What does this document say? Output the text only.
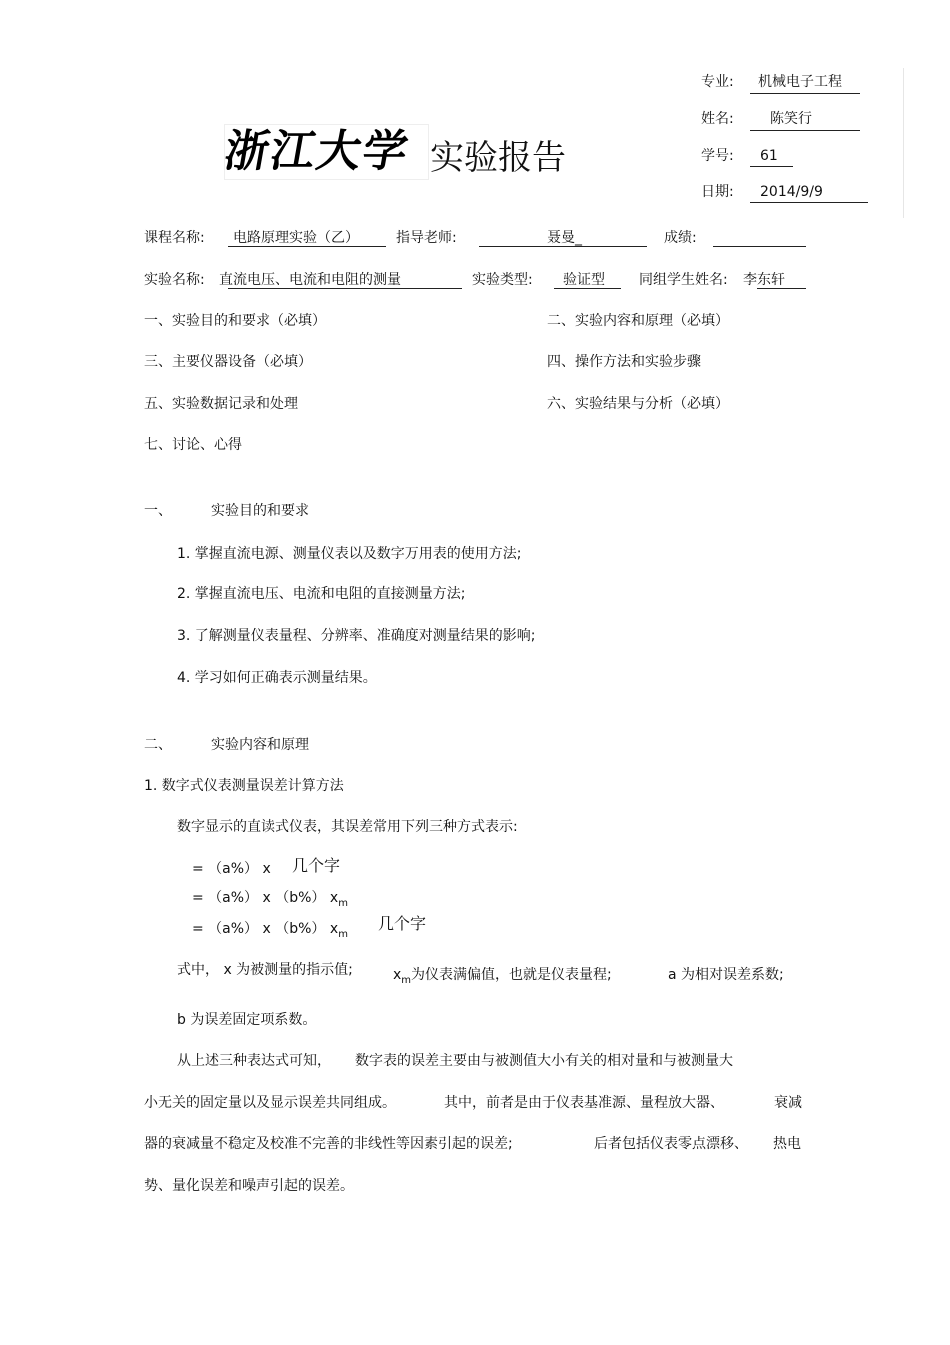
浙江大学 实验报告
专业: 机械电子工程
姓名:	陈笑行
学号: 61
日期: 2014/9/9
课程名称: 电路原理实验（乙）	指导老师:	聂曼_	成绩:
实验名称: 直流电压、电流和电阻的测量	实验类型: 验证型 同组学生姓名: 李东轩
一、实验目的和要求（必填）	二、实验内容和原理（必填）
三、主要仪器设备（必填）	四、操作方法和实验步骤
五、实验数据记录和处理	六、实验结果与分析（必填）
七、讨论、心得
一、	实验目的和要求
1. 掌握直流电源、测量仪表以及数字万用表的使用方法;
2. 掌握直流电压、电流和电阻的直接测量方法;
3. 了解测量仪表量程、分辨率、准确度对测量结果的影响;
4. 学习如何正确表示测量结果。
二、	实验内容和原理
1. 数字式仪表测量误差计算方法
数字显示的直读式仪表，其误差常用下列三种方式表示:
= （a%） x 几个字
= （a%） x （b%） $x_m$
= （a%） x （b%） $x_m$
几个字
式中， x 为被测量的指示值;	$x_m$为仪表满偏值，也就是仪表量程;	a 为相对误差系数;
b 为误差固定项系数。
从上述三种表达式可知， 数字表的误差主要由与被测值大小有关的相对量和与被测量大
小无关的固定量以及显示误差共同组成。	其中，前者是由于仪表基准源、量程放大器、	衰减
器的衰减量不稳定及校准不完善的非线性等因素引起的误差;	后者包括仪表零点漂移、 热电
势、量化误差和噪声引起的误差。
